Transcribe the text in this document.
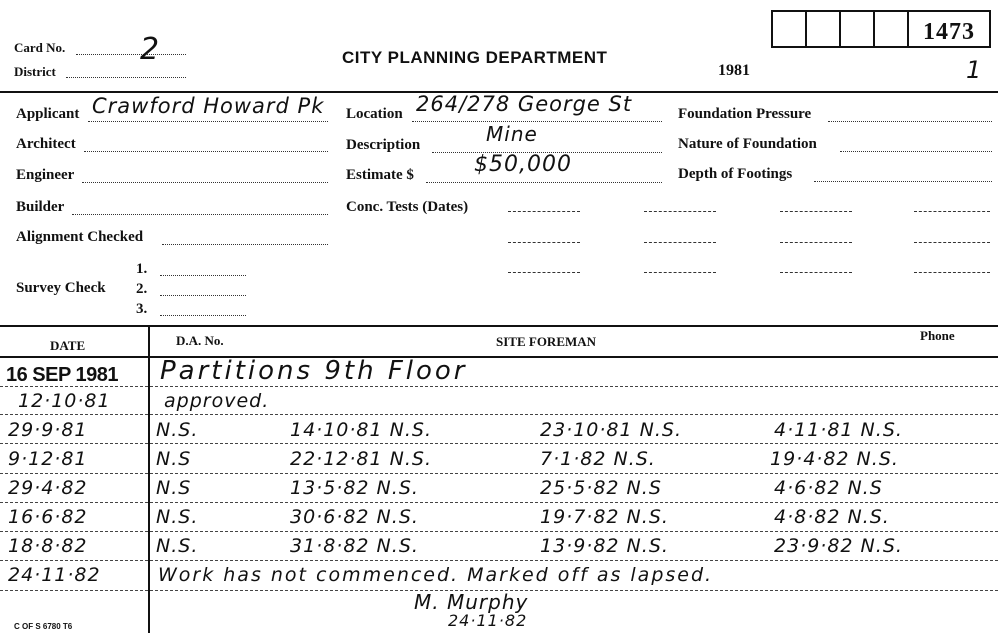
Card No. 2
District
CITY PLANNING DEPARTMENT
1981	1
1473
Applicant Crawford Howard Pk
Architect
Engineer
Builder
Alignment Checked
Survey Check
1.
2.
3.
Location 264/278 George St
Description	Mine
Estimate $	$50,000
Conc. Tests (Dates)
Foundation Pressure
Nature of Foundation
Depth of Footings
DATE	D.A. No.	SITE FOREMAN	Phone
16 SEP 1981 Partitions 9th Floor
12·10·81	approved.
29·9·81	N.S.	14·10·81 N.S.	23·10·81 N.S.	4·11·81 N.S.
9·12·81	N.S	22·12·81 N.S.	7·1·82 N.S.	19·4·82 N.S.
29·4·82	N.S	13·5·82 N.S.	25·5·82 N.S	4·6·82 N.S
16·6·82	N.S.	30·6·82 N.S.	19·7·82 N.S.	4·8·82 N.S.
18·8·82	N.S.	31·8·82 N.S.	13·9·82 N.S.	23·9·82 N.S.
24·11·82	Work has not commenced. Marked off as lapsed.
M. Murphy
24·11·82
C OF S 6780 T6
